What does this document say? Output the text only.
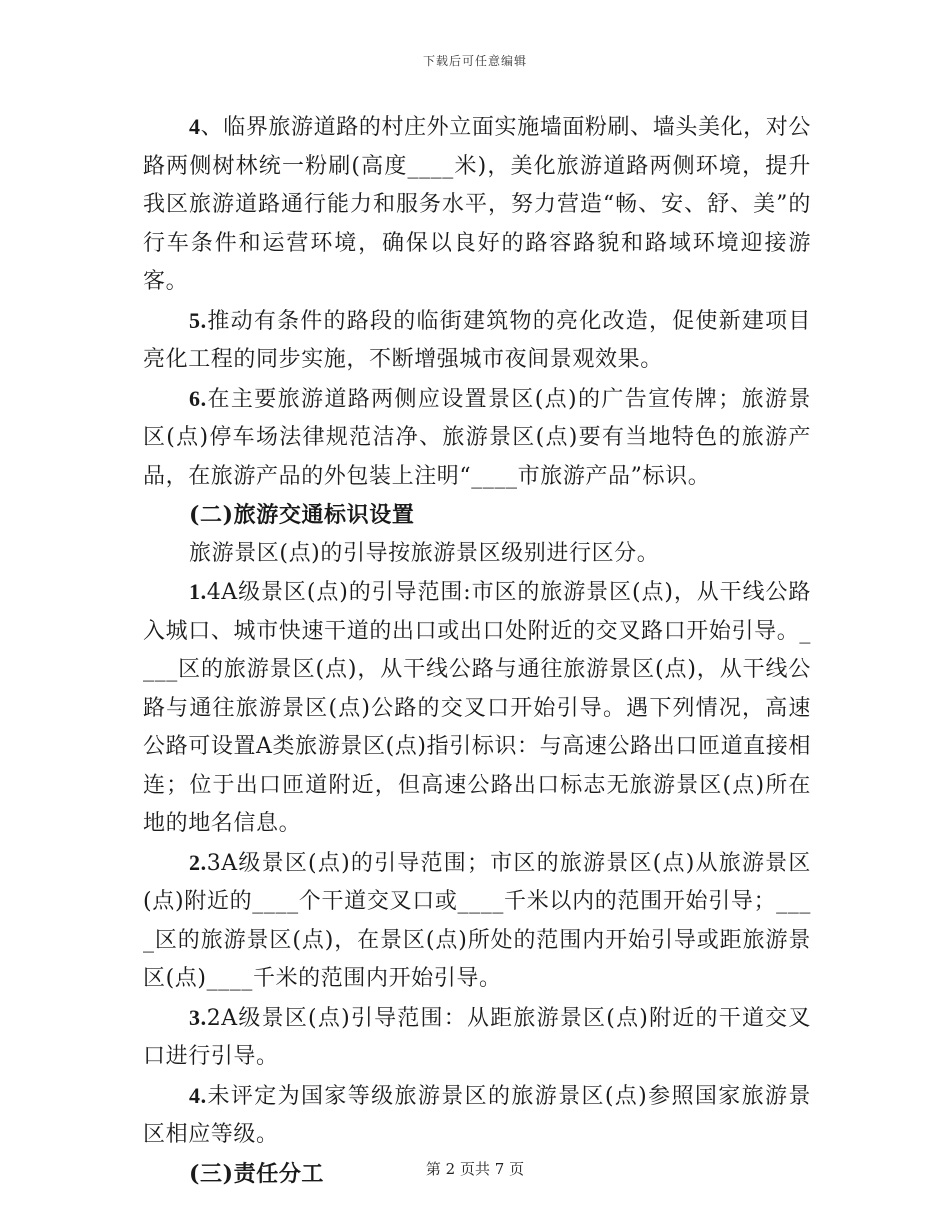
下载后可任意编辑

4、临界旅游道路的村庄外立面实施墙面粉刷、墙头美化，对公路两侧树林统一粉刷(高度____米)，美化旅游道路两侧环境，提升我区旅游道路通行能力和服务水平，努力营造“畅、安、舒、美”的行车条件和运营环境，确保以良好的路容路貌和路域环境迎接游客。

5.推动有条件的路段的临街建筑物的亮化改造，促使新建项目亮化工程的同步实施，不断增强城市夜间景观效果。

6.在主要旅游道路两侧应设置景区(点)的广告宣传牌；旅游景区(点)停车场法律规范洁净、旅游景区(点)要有当地特色的旅游产品，在旅游产品的外包装上注明“____市旅游产品”标识。

(二)旅游交通标识设置

旅游景区(点)的引导按旅游景区级别进行区分。

1.4A级景区(点)的引导范围:市区的旅游景区(点)，从干线公路入城口、城市快速干道的出口或出口处附近的交叉路口开始引导。____区的旅游景区(点)，从干线公路与通往旅游景区(点)，从干线公路与通往旅游景区(点)公路的交叉口开始引导。遇下列情况，高速公路可设置A类旅游景区(点)指引标识：与高速公路出口匝道直接相连；位于出口匝道附近，但高速公路出口标志无旅游景区(点)所在地的地名信息。

2.3A级景区(点)的引导范围；市区的旅游景区(点)从旅游景区(点)附近的____个干道交叉口或____千米以内的范围开始引导；____区的旅游景区(点)，在景区(点)所处的范围内开始引导或距旅游景区(点)____千米的范围内开始引导。

3.2A级景区(点)引导范围：从距旅游景区(点)附近的干道交叉口进行引导。

4.未评定为国家等级旅游景区的旅游景区(点)参照国家旅游景区相应等级。

(三)责任分工	第 2 页共 7 页
